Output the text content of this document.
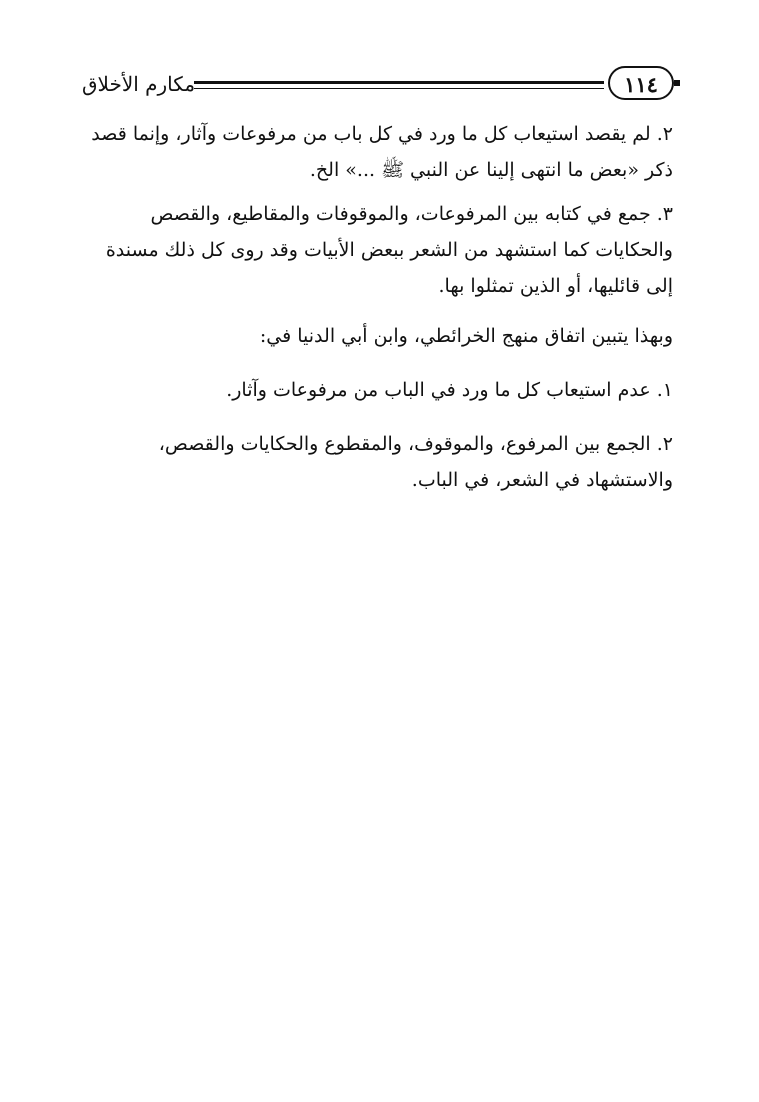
مكارم الأخلاق	١١٤

٢. لم يقصد استيعاب كل ما ورد في كل باب من مرفوعات وآثار، وإنما قصد ذكر «بعض ما انتهى إلينا عن النبي ﷺ ...» الخ.

٣. جمع في كتابه بين المرفوعات، والموقوفات والمقاطيع، والقصص والحكايات كما استشهد من الشعر ببعض الأبيات وقد روى كل ذلك مسندة إلى قائليها، أو الذين تمثلوا بها.

وبهذا يتبين اتفاق منهج الخرائطي، وابن أبي الدنيا في:

١. عدم استيعاب كل ما ورد في الباب من مرفوعات وآثار.

٢. الجمع بين المرفوع، والموقوف، والمقطوع والحكايات والقصص، والاستشهاد في الشعر، في الباب.
